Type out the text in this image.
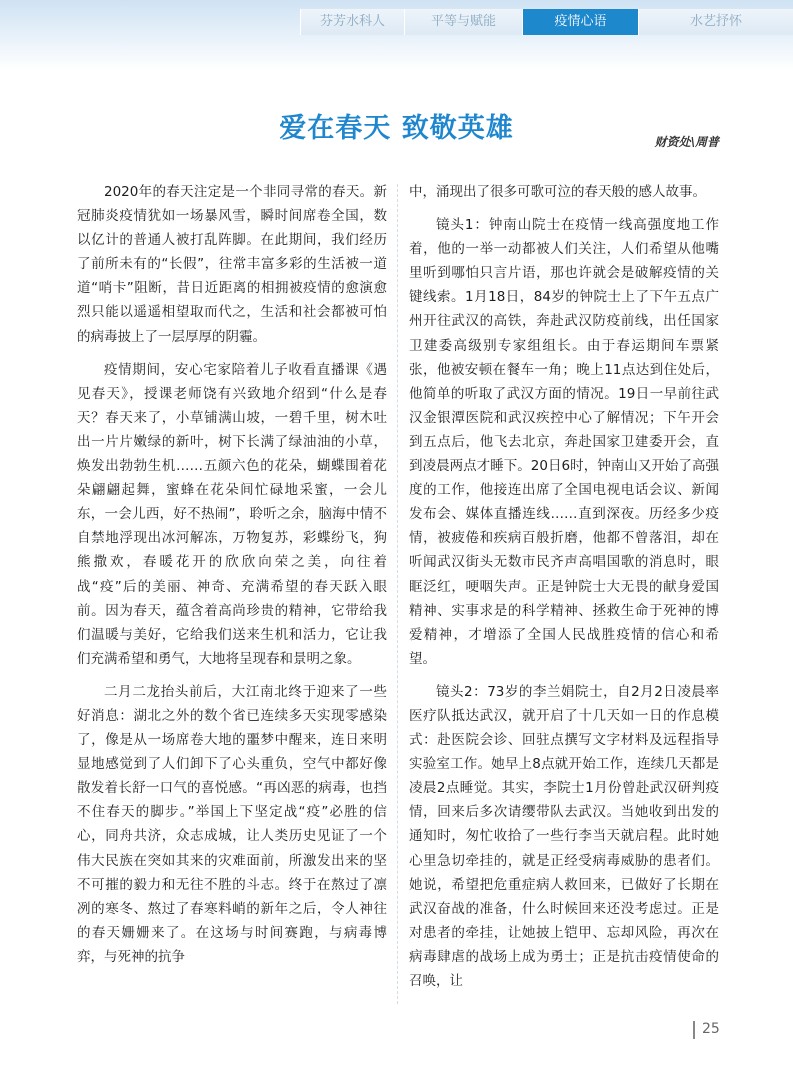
芬芳水科人	平等与赋能	疫情心语	水艺抒怀
爱在春天 致敬英雄	财资处\周普

2020年的春天注定是一个非同寻常的春天。新冠肺炎疫情犹如一场暴风雪，瞬时间席卷全国，数以亿计的普通人被打乱阵脚。在此期间，我们经历了前所未有的“长假”，往常丰富多彩的生活被一道道“哨卡”阻断，昔日近距离的相拥被疫情的愈演愈烈只能以遥遥相望取而代之，生活和社会都被可怕的病毒披上了一层厚厚的阴霾。

疫情期间，安心宅家陪着儿子收看直播课《遇见春天》，授课老师饶有兴致地介绍到“什么是春天？春天来了，小草铺满山坡，一碧千里，树木吐出一片片嫩绿的新叶，树下长满了绿油油的小草，焕发出勃勃生机……五颜六色的花朵，蝴蝶围着花朵翩翩起舞，蜜蜂在花朵间忙碌地采蜜，一会儿东，一会儿西，好不热闹”，聆听之余，脑海中情不自禁地浮现出冰河解冻，万物复苏，彩蝶纷飞，狗熊撒欢，春暖花开的欣欣向荣之美，向往着战“疫”后的美丽、神奇、充满希望的春天跃入眼前。因为春天，蕴含着高尚珍贵的精神，它带给我们温暖与美好，它给我们送来生机和活力，它让我们充满希望和勇气，大地将呈现春和景明之象。

二月二龙抬头前后，大江南北终于迎来了一些好消息：湖北之外的数个省已连续多天实现零感染了，像是从一场席卷大地的噩梦中醒来，连日来明显地感觉到了人们卸下了心头重负，空气中都好像散发着长舒一口气的喜悦感。“再凶恶的病毒，也挡不住春天的脚步。”举国上下坚定战“疫”必胜的信心，同舟共济，众志成城，让人类历史见证了一个伟大民族在突如其来的灾难面前，所激发出来的坚不可摧的毅力和无往不胜的斗志。终于在熬过了凛冽的寒冬、熬过了春寒料峭的新年之后，令人神往的春天姗姗来了。在这场与时间赛跑，与病毒博弈，与死神的抗争

中，涌现出了很多可歌可泣的春天般的感人故事。

镜头1：钟南山院士在疫情一线高强度地工作着，他的一举一动都被人们关注，人们希望从他嘴里听到哪怕只言片语，那也许就会是破解疫情的关键线索。1月18日，84岁的钟院士上了下午五点广州开往武汉的高铁，奔赴武汉防疫前线，出任国家卫建委高级别专家组组长。由于春运期间车票紧张，他被安顿在餐车一角；晚上11点达到住处后，他简单的听取了武汉方面的情况。19日一早前往武汉金银潭医院和武汉疾控中心了解情况；下午开会到五点后，他飞去北京，奔赴国家卫建委开会，直到凌晨两点才睡下。20日6时，钟南山又开始了高强度的工作，他接连出席了全国电视电话会议、新闻发布会、媒体直播连线……直到深夜。历经多少疫情，被疲倦和疾病百般折磨，他都不曾落泪，却在听闻武汉街头无数市民齐声高唱国歌的消息时，眼眶泛红，哽咽失声。正是钟院士大无畏的献身爱国精神、实事求是的科学精神、拯救生命于死神的博爱精神，才增添了全国人民战胜疫情的信心和希望。

镜头2：73岁的李兰娟院士，自2月2日凌晨率医疗队抵达武汉，就开启了十几天如一日的作息模式：赴医院会诊、回驻点撰写文字材料及远程指导实验室工作。她早上8点就开始工作，连续几天都是凌晨2点睡觉。其实，李院士1月份曾赴武汉研判疫情，回来后多次请缨带队去武汉。当她收到出发的通知时，匆忙收拾了一些行李当天就启程。此时她心里急切牵挂的，就是正经受病毒威胁的患者们。她说，希望把危重症病人救回来，已做好了长期在武汉奋战的准备，什么时候回来还没考虑过。正是对患者的牵挂，让她披上铠甲、忘却风险，再次在病毒肆虐的战场上成为勇士；正是抗击疫情使命的召唤，让

25
